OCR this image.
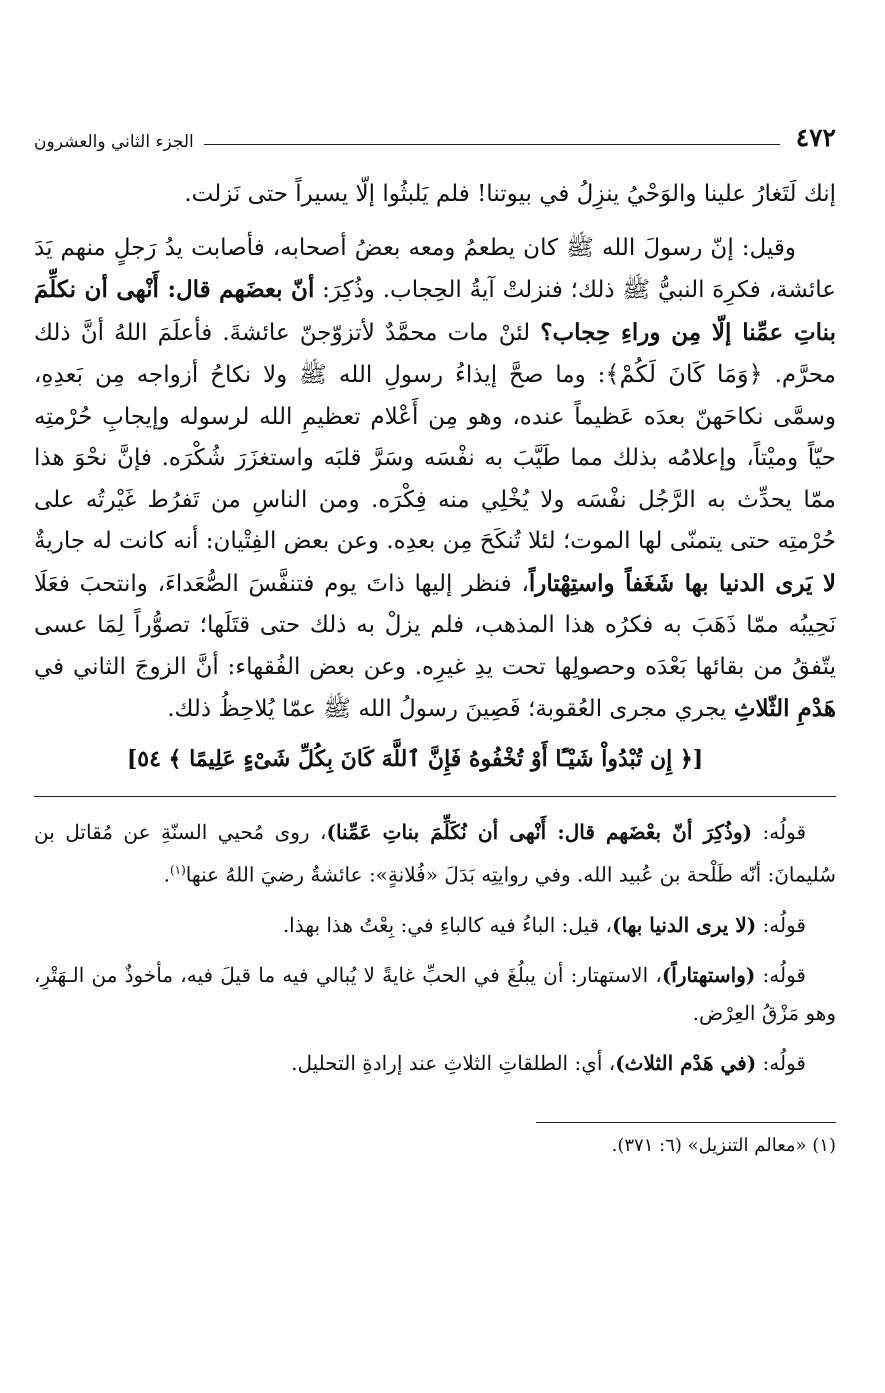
٤٧٢
الجزء الثاني والعشرون

إنك لَتَغارُ علينا والوَحْيُ ينزِلُ في بيوتنا! فلم يَلبثُوا إلّا يسيراً حتى نَزلت.

وقيل: إنّ رسولَ الله ﷺ كان يطعمُ ومعه بعضُ أصحابه، فأصابت يدُ رَجلٍ منهم يَدَ عائشة، فكرِهَ النبيُّ ﷺ ذلك؛ فنزلتْ آيةُ الحِجاب. وذُكِرَ: أنّ بعضَهم قال: أَنْهى أن نكلِّمَ بناتِ عمِّنا إلّا مِن وراءِ حِجاب؟ لئنْ مات محمَّدٌ لأتزوّجنّ عائشةَ. فأعلَمَ اللهُ أنَّ ذلك محرَّم. ﴿وَمَا كَانَ لَكُمْ﴾: وما صحَّ إيذاءُ رسولِ الله ﷺ ولا نكاحُ أزواجه مِن بَعدِهِ، وسمَّى نكاحَهنّ بعدَه عَظيماً عنده، وهو مِن أَعْلام تعظيمِ الله لرسوله وإيجابِ حُرْمتِه حيّاً وميْتاً، وإعلامُه بذلك مما طَيَّبَ به نفْسَه وسَرَّ قلبَه واستغزَرَ شُكْرَه. فإنَّ نحْوَ هذا ممّا يحدِّث به الرَّجُل نفْسَه ولا يُخْلِي منه فِكْرَه. ومن الناسِ من تَفرُط غَيْرتُه على حُرْمتِه حتى يتمنّى لها الموت؛ لئلا تُنكَحَ مِن بعدِه. وعن بعض الفِتْيان: أنه كانت له جاريةٌ لا يَرى الدنيا بها شَغَفاً واستِهْتاراً، فنظر إليها ذاتَ يوم فتنفَّسَ الصُّعَداءَ، وانتحبَ فعَلَا نَحِيبُه ممّا ذَهَبَ به فكرُه هذا المذهب، فلم يزلْ به ذلك حتى قتَلَها؛ تصوُّراً لِمَا عسى يتّفقُ من بقائها بَعْدَه وحصولِها تحت يدِ غيرِه. وعن بعض الفُقهاء: أنَّ الزوجَ الثاني في هَدْمِ الثّلاثِ يجري مجرى العُقوبة؛ فَصِينَ رسولُ الله ﷺ عمّا يُلاحِظُ ذلك.

[﴿ إِن تُبْدُواْ شَيْـًٔا أَوْ تُخْفُوهُ فَإِنَّ ٱللَّهَ كَانَ بِكُلِّ شَىْءٍ عَلِيمًا ﴾ ٥٤]

قولُه: (وذُكِرَ أنّ بعْضَهم قال: أَنْهى أن نُكَلِّمَ بناتِ عَمِّنا)، روى مُحيي السنّةِ عن مُقاتل بن سُليمانَ: أنّه طَلْحة بن عُبيد الله. وفي روايتِه بَدَلَ «فُلانةٍ»: عائشةُ رضيَ اللهُ عنها$^{(١)}$.

قولُه: (لا يرى الدنيا بها)، قيل: الباءُ فيه كالباءِ في: بِعْتُ هذا بهذا.

قولُه: (واستهتاراً)، الاستهتار: أن يبلُغَ في الحبِّ غايةً لا يُبالي فيه ما قيلَ فيه، مأخوذٌ من الـهَتْرِ، وهو مَزْقُ العِرْض.

قولُه: (في هَدْم الثلاث)، أي: الطلقاتِ الثلاثِ عند إرادةِ التحليل.

(١) «معالم التنزيل» (٦: ٣٧١).
